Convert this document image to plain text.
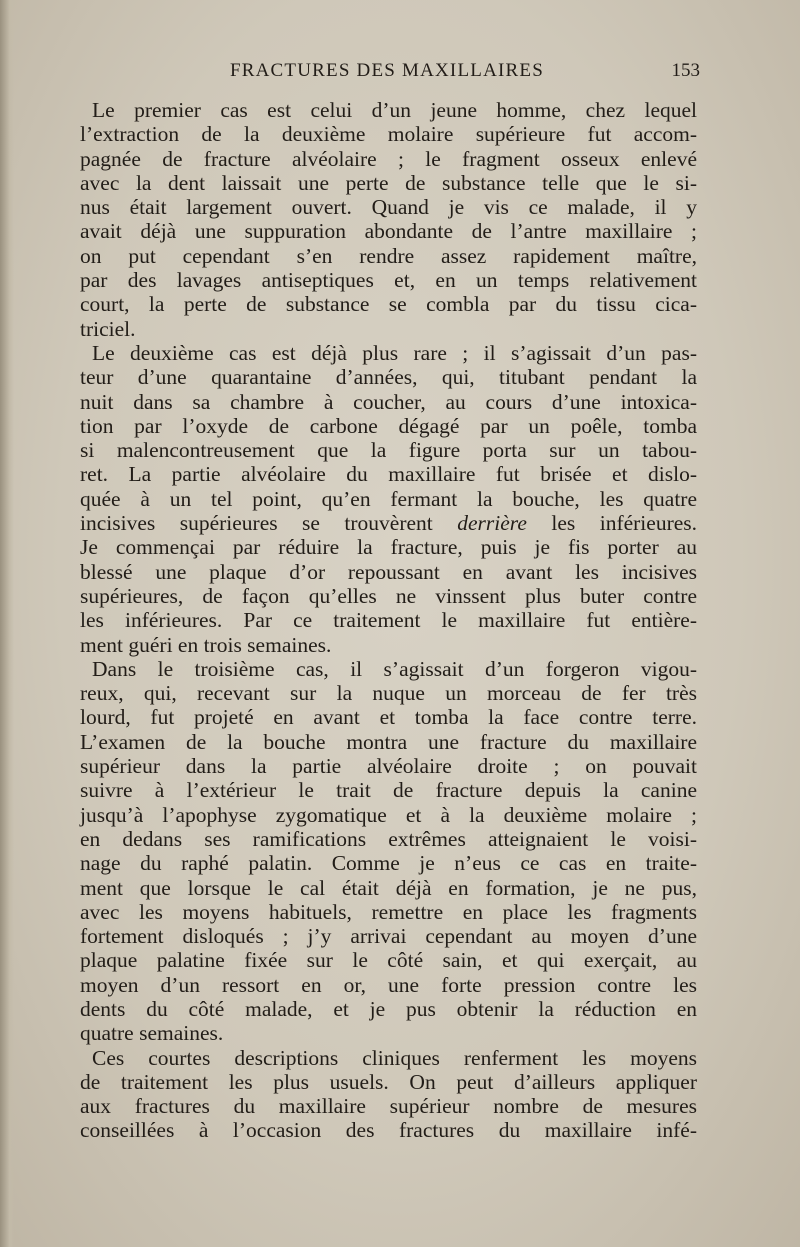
FRACTURES DES MAXILLAIRES	153
Le premier cas est celui d’un jeune homme, chez lequel
l’extraction de la deuxième molaire supérieure fut accom-
pagnée de fracture alvéolaire ; le fragment osseux enlevé
avec la dent laissait une perte de substance telle que le si-
nus était largement ouvert. Quand je vis ce malade, il y
avait déjà une suppuration abondante de l’antre maxillaire ;
on put cependant s’en rendre assez rapidement maître,
par des lavages antiseptiques et, en un temps relativement
court, la perte de substance se combla par du tissu cica-
triciel.
Le deuxième cas est déjà plus rare ; il s’agissait d’un pas-
teur d’une quarantaine d’années, qui, titubant pendant la
nuit dans sa chambre à coucher, au cours d’une intoxica-
tion par l’oxyde de carbone dégagé par un poêle, tomba
si malencontreusement que la figure porta sur un tabou-
ret. La partie alvéolaire du maxillaire fut brisée et dislo-
quée à un tel point, qu’en fermant la bouche, les quatre
incisives supérieures se trouvèrent derrière les inférieures.
Je commençai par réduire la fracture, puis je fis porter au
blessé une plaque d’or repoussant en avant les incisives
supérieures, de façon qu’elles ne vinssent plus buter contre
les inférieures. Par ce traitement le maxillaire fut entière-
ment guéri en trois semaines.
Dans le troisième cas, il s’agissait d’un forgeron vigou-
reux, qui, recevant sur la nuque un morceau de fer très
lourd, fut projeté en avant et tomba la face contre terre.
L’examen de la bouche montra une fracture du maxillaire
supérieur dans la partie alvéolaire droite ; on pouvait
suivre à l’extérieur le trait de fracture depuis la canine
jusqu’à l’apophyse zygomatique et à la deuxième molaire ;
en dedans ses ramifications extrêmes atteignaient le voisi-
nage du raphé palatin. Comme je n’eus ce cas en traite-
ment que lorsque le cal était déjà en formation, je ne pus,
avec les moyens habituels, remettre en place les fragments
fortement disloqués ; j’y arrivai cependant au moyen d’une
plaque palatine fixée sur le côté sain, et qui exerçait, au
moyen d’un ressort en or, une forte pression contre les
dents du côté malade, et je pus obtenir la réduction en
quatre semaines.
Ces courtes descriptions cliniques renferment les moyens
de traitement les plus usuels. On peut d’ailleurs appliquer
aux fractures du maxillaire supérieur nombre de mesures
conseillées à l’occasion des fractures du maxillaire infé-
